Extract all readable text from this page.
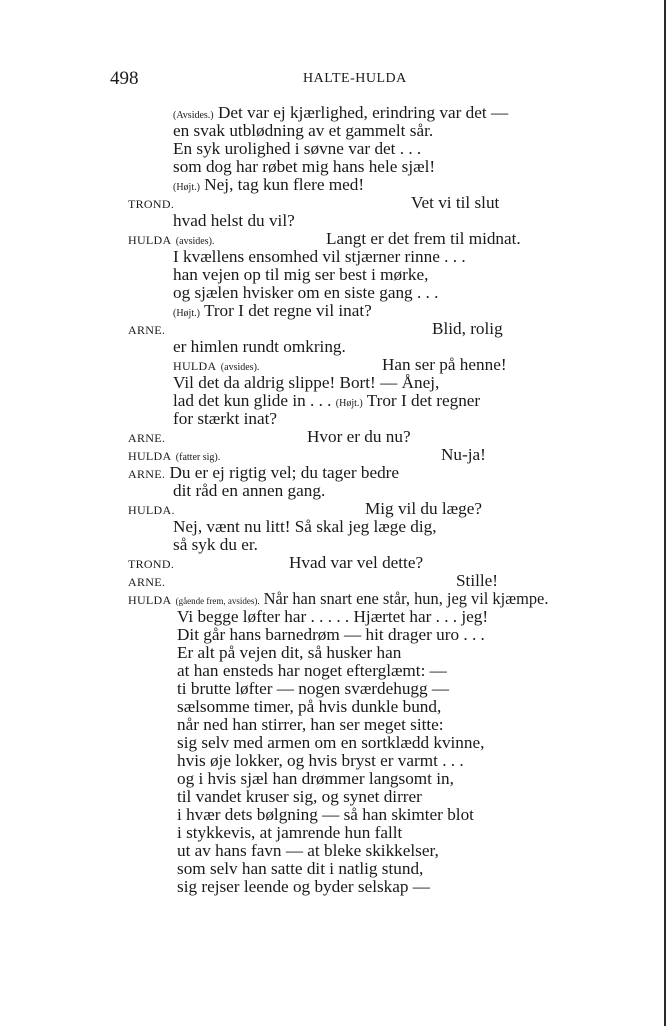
498	HALTE-HULDA
(Avsides.) Det var ej kjærlighed, erindring var det —
en svak utblødning av et gammelt sår.
En syk urolighed i søvne var det . . .
som dog har røbet mig hans hele sjæl!
(Højt.) Nej, tag kun flere med!
TROND.	Vet vi til slut
hvad helst du vil?
HULDA (avsides).	Langt er det frem til midnat.
I kvællens ensomhed vil stjærner rinne . . .
han vejen op til mig ser best i mørke,
og sjælen hvisker om en siste gang . . .
(Højt.) Tror I det regne vil inat?
ARNE.	Blid, rolig
er himlen rundt omkring.
HULDA (avsides).	Han ser på henne!
Vil det da aldrig slippe! Bort! — Ånej,
lad det kun glide in . . . (Højt.) Tror I det regner
for stærkt inat?
ARNE.	Hvor er du nu?
HULDA (fatter sig).	Nu-ja!
ARNE. Du er ej rigtig vel; du tager bedre
dit råd en annen gang.
HULDA.	Mig vil du læge?
Nej, vænt nu litt! Så skal jeg læge dig,
så syk du er.
TROND.	Hvad var vel dette?
ARNE.	Stille!
HULDA (gående frem, avsides). Når han snart ene står, hun, jeg vil kjæmpe.
Vi begge løfter har . . . . . Hjærtet har . . . jeg!
Dit går hans barnedrøm — hit drager uro . . .
Er alt på vejen dit, så husker han
at han ensteds har noget efterglæmt: —
ti brutte løfter — nogen sværdehugg —
sælsomme timer, på hvis dunkle bund,
når ned han stirrer, han ser meget sitte:
sig selv med armen om en sortklædd kvinne,
hvis øje lokker, og hvis bryst er varmt . . .
og i hvis sjæl han drømmer langsomt in,
til vandet kruser sig, og synet dirrer
i hvær dets bølgning — så han skimter blot
i stykkevis, at jamrende hun fallt
ut av hans favn — at bleke skikkelser,
som selv han satte dit i natlig stund,
sig rejser leende og byder selskap —
